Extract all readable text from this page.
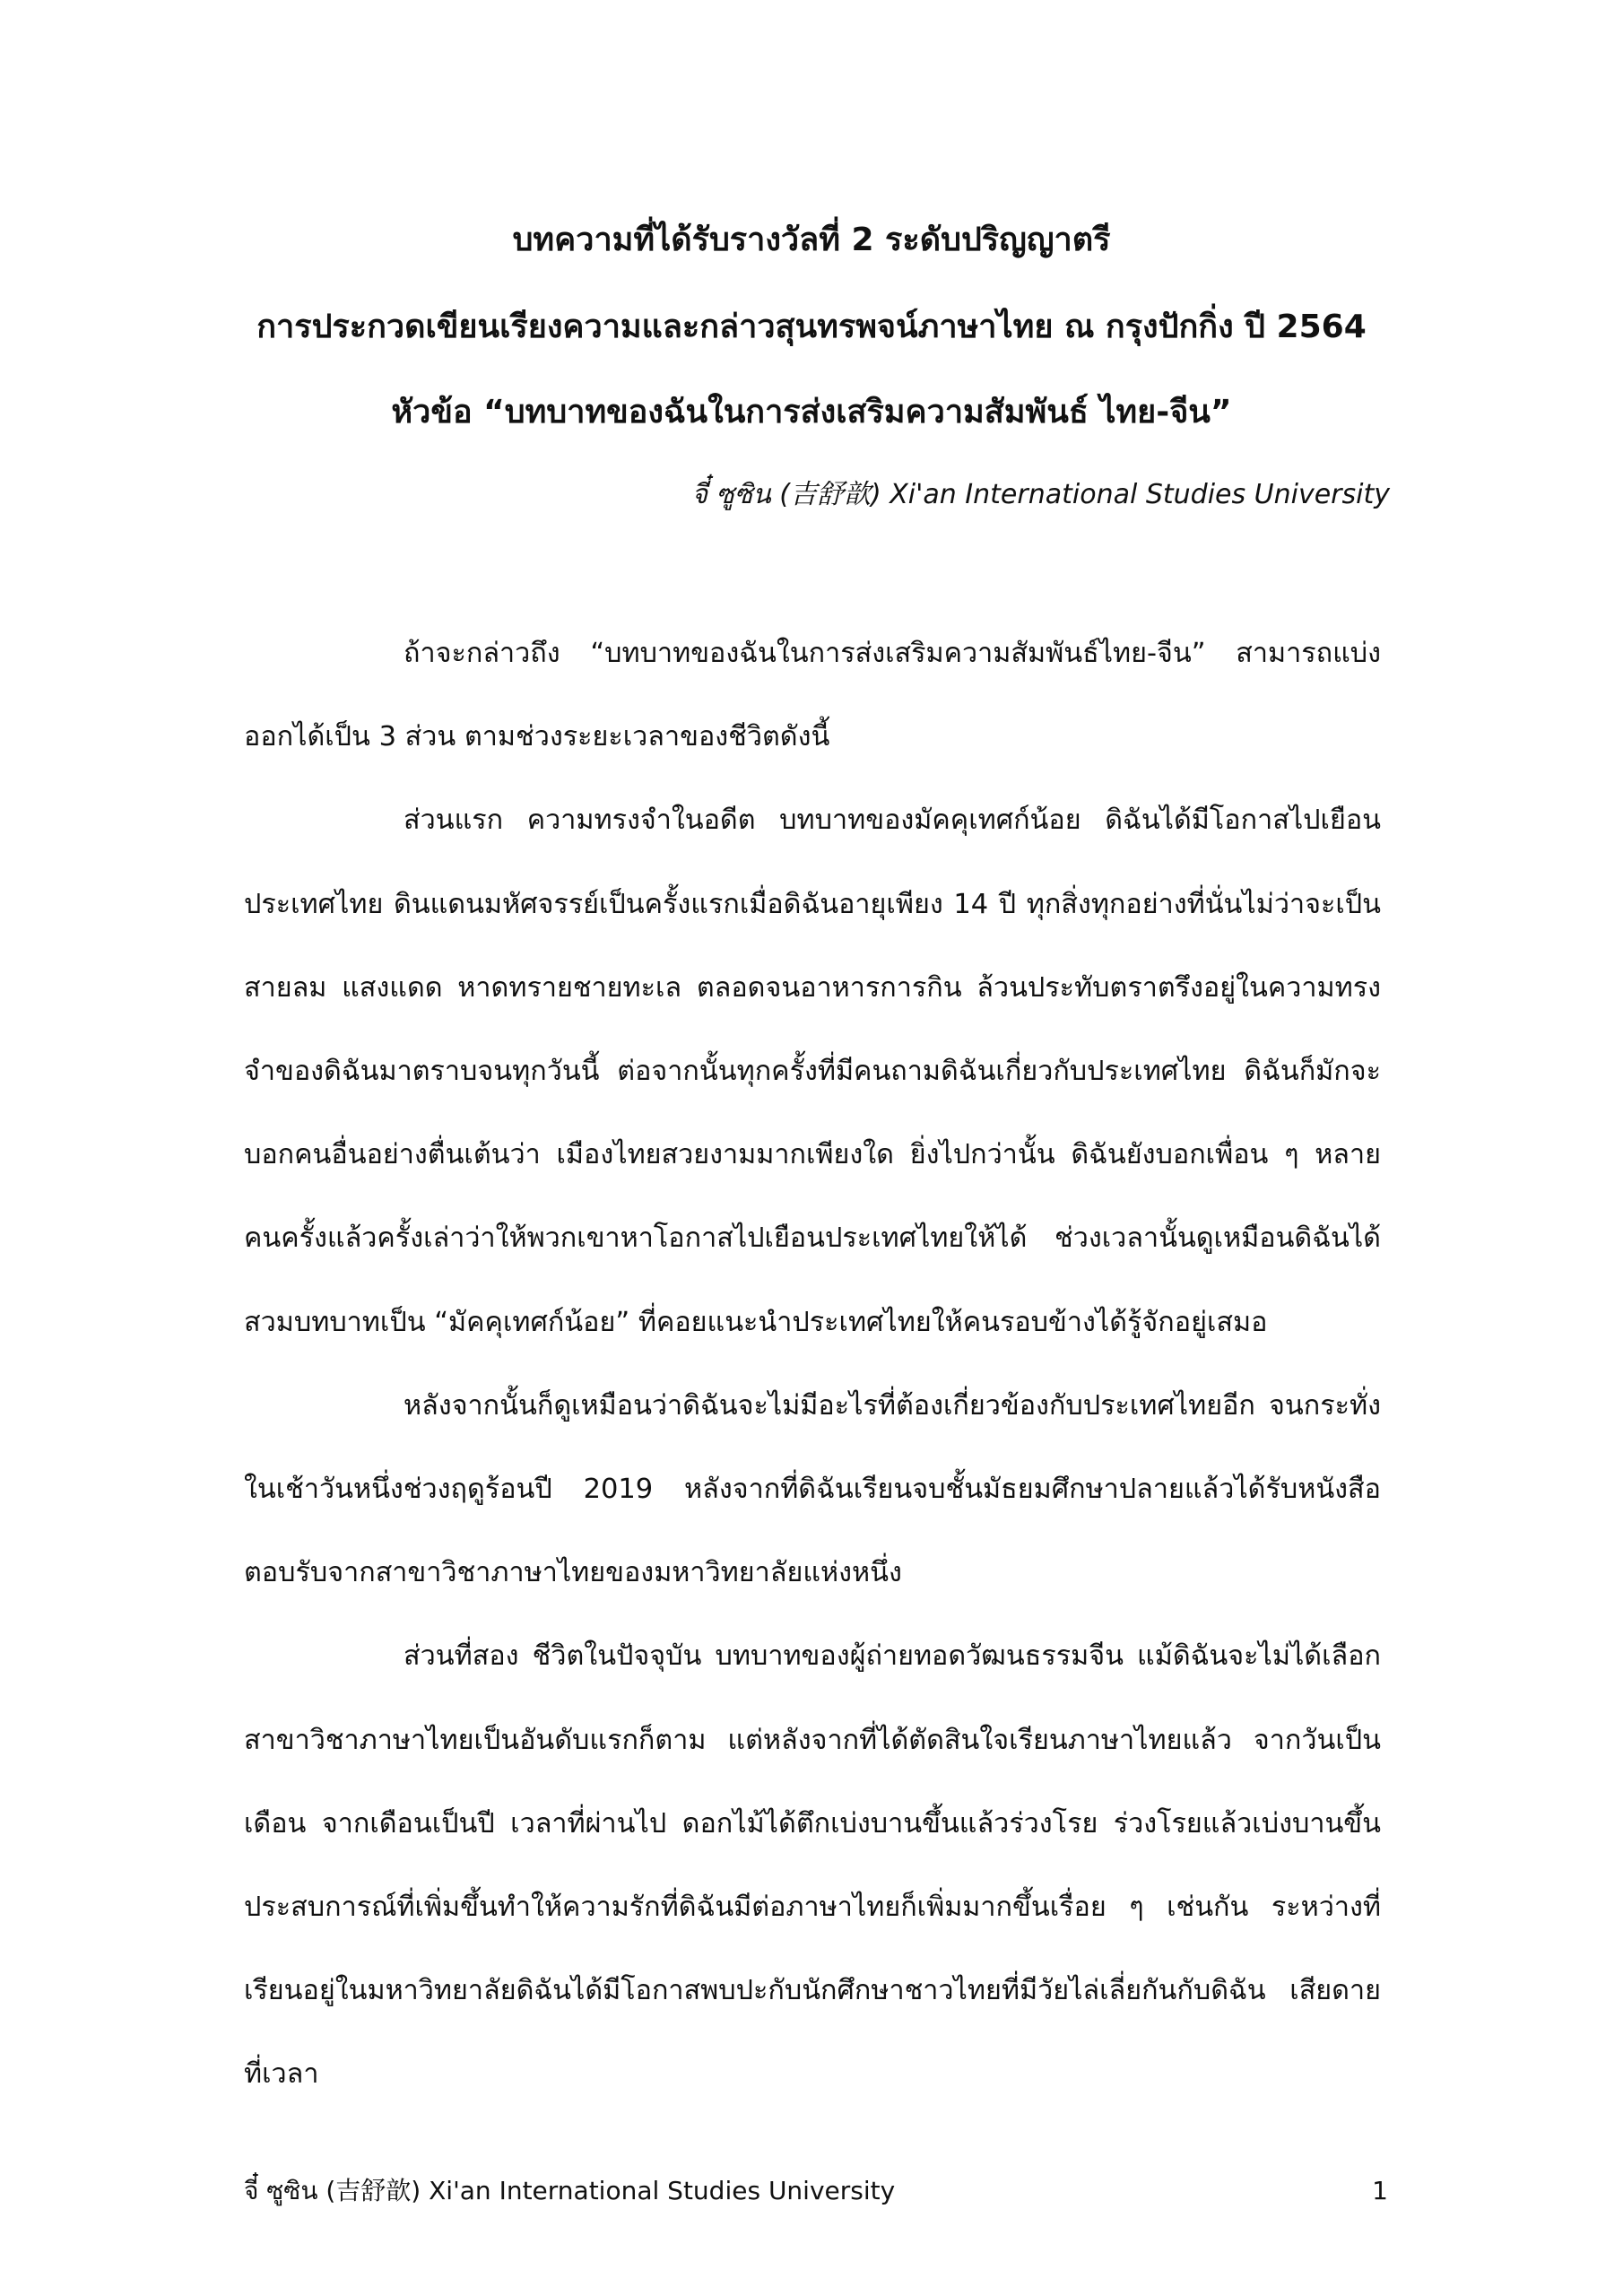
บทความที่ได้รับรางวัลที่ 2 ระดับปริญญาตรี
การประกวดเขียนเรียงความและกล่าวสุนทรพจน์ภาษาไทย ณ กรุงปักกิ่ง ปี 2564
หัวข้อ “บทบาทของฉันในการส่งเสริมความสัมพันธ์ ไทย-จีน”
จี๋ ซูซิน (吉舒歆) Xi'an International Studies University

ถ้าจะกล่าวถึง “บทบาทของฉันในการส่งเสริมความสัมพันธ์ไทย-จีน” สามารถแบ่งออกได้เป็น 3 ส่วน ตามช่วงระยะเวลาของชีวิตดังนี้

ส่วนแรก ความทรงจำในอดีต บทบาทของมัคคุเทศก์น้อย ดิฉันได้มีโอกาสไปเยือนประเทศไทย ดินแดนมหัศจรรย์เป็นครั้งแรกเมื่อดิฉันอายุเพียง 14 ปี ทุกสิ่งทุกอย่างที่นั่นไม่ว่าจะเป็นสายลม แสงแดด หาดทรายชายทะเล ตลอดจนอาหารการกิน ล้วนประทับตราตรึงอยู่ในความทรงจำของดิฉันมาตราบจนทุกวันนี้ ต่อจากนั้นทุกครั้งที่มีคนถามดิฉันเกี่ยวกับประเทศไทย ดิฉันก็มักจะบอกคนอื่นอย่างตื่นเต้นว่า เมืองไทยสวยงามมากเพียงใด ยิ่งไปกว่านั้น ดิฉันยังบอกเพื่อน ๆ หลายคนครั้งแล้วครั้งเล่าว่าให้พวกเขาหาโอกาสไปเยือนประเทศไทยให้ได้ ช่วงเวลานั้นดูเหมือนดิฉันได้สวมบทบาทเป็น “มัคคุเทศก์น้อย” ที่คอยแนะนำประเทศไทยให้คนรอบข้างได้รู้จักอยู่เสมอ

หลังจากนั้นก็ดูเหมือนว่าดิฉันจะไม่มีอะไรที่ต้องเกี่ยวข้องกับประเทศไทยอีก จนกระทั่งในเช้าวันหนึ่งช่วงฤดูร้อนปี 2019 หลังจากที่ดิฉันเรียนจบชั้นมัธยมศึกษาปลายแล้วได้รับหนังสือตอบรับจากสาขาวิชาภาษาไทยของมหาวิทยาลัยแห่งหนึ่ง

ส่วนที่สอง ชีวิตในปัจจุบัน บทบาทของผู้ถ่ายทอดวัฒนธรรมจีน แม้ดิฉันจะไม่ได้เลือกสาขาวิชาภาษาไทยเป็นอันดับแรกก็ตาม แต่หลังจากที่ได้ตัดสินใจเรียนภาษาไทยแล้ว จากวันเป็นเดือน จากเดือนเป็นปี เวลาที่ผ่านไป ดอกไม้ได้ตึกเบ่งบานขึ้นแล้วร่วงโรย ร่วงโรยแล้วเบ่งบานขึ้นประสบการณ์ที่เพิ่มขึ้นทำให้ความรักที่ดิฉันมีต่อภาษาไทยก็เพิ่มมากขึ้นเรื่อย ๆ เช่นกัน ระหว่างที่เรียนอยู่ในมหาวิทยาลัยดิฉันได้มีโอกาสพบปะกับนักศึกษาชาวไทยที่มีวัยไล่เลี่ยกันกับดิฉัน เสียดายที่เวลา

จี๋ ซูซิน (吉舒歆) Xi'an International Studies University	1
